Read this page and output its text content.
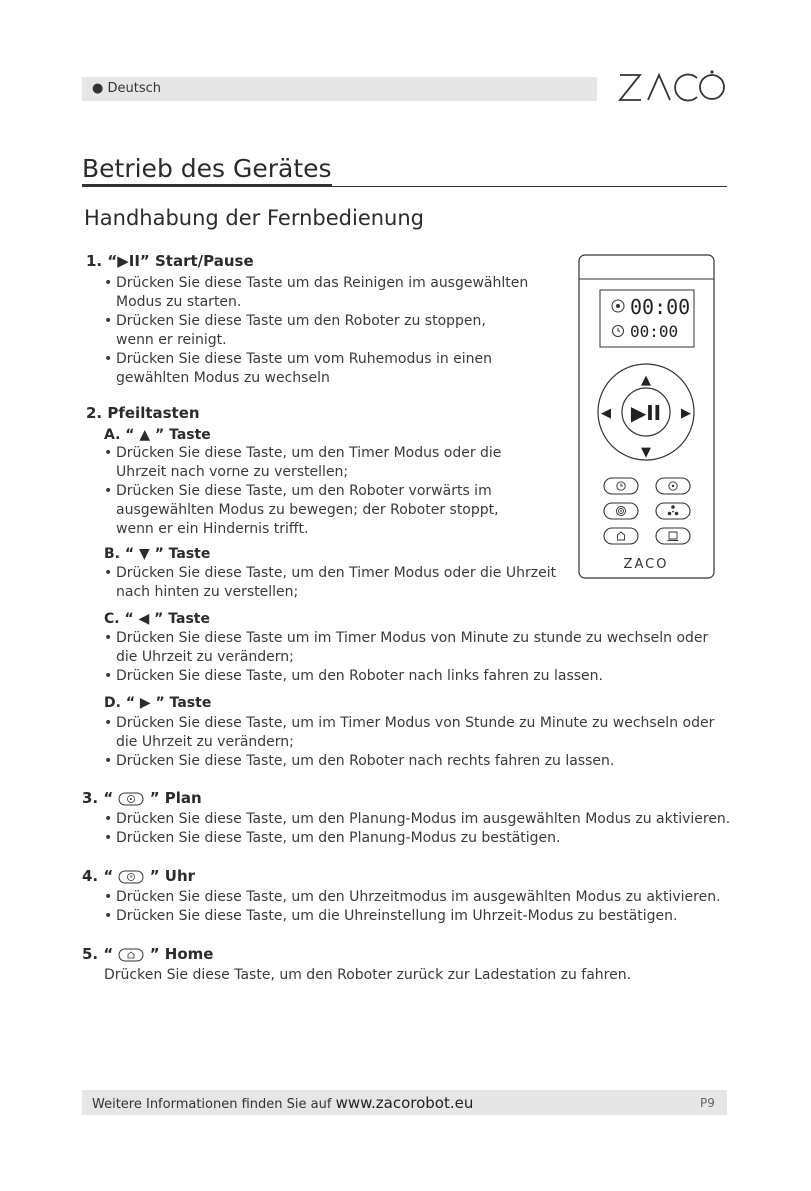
● Deutsch
Betrieb des Gerätes
Handhabung der Fernbedienung
1. “▶II” Start/Pause
• Drücken Sie diese Taste um das Reinigen im ausgewählten
Modus zu starten.
• Drücken Sie diese Taste um den Roboter zu stoppen,
wenn er reinigt.
• Drücken Sie diese Taste um vom Ruhemodus in einen
gewählten Modus zu wechseln
2. Pfeiltasten
A. “ ▲ ” Taste
• Drücken Sie diese Taste, um den Timer Modus oder die
Uhrzeit nach vorne zu verstellen;
• Drücken Sie diese Taste, um den Roboter vorwärts im
ausgewählten Modus zu bewegen; der Roboter stoppt,
wenn er ein Hindernis trifft.
B. “ ▼ ” Taste
• Drücken Sie diese Taste, um den Timer Modus oder die Uhrzeit
nach hinten zu verstellen;
C. “ ◀ ” Taste
• Drücken Sie diese Taste um im Timer Modus von Minute zu stunde zu wechseln oder
die Uhrzeit zu verändern;
• Drücken Sie diese Taste, um den Roboter nach links fahren zu lassen.
D. “ ▶ ” Taste
• Drücken Sie diese Taste, um im Timer Modus von Stunde zu Minute zu wechseln oder
die Uhrzeit zu verändern;
• Drücken Sie diese Taste, um den Roboter nach rechts fahren zu lassen.
3. “ ” Plan
• Drücken Sie diese Taste, um den Planung-Modus im ausgewählten Modus zu aktivieren.
• Drücken Sie diese Taste, um den Planung-Modus zu bestätigen.
4. “ ” Uhr
• Drücken Sie diese Taste, um den Uhrzeitmodus im ausgewählten Modus zu aktivieren.
• Drücken Sie diese Taste, um die Uhreinstellung im Uhrzeit-Modus zu bestätigen.
5. “ ” Home
Drücken Sie diese Taste, um den Roboter zurück zur Ladestation zu fahren.
00:00
00:00
▶II
▲
▼
◀	▶
ZACO
Weitere Informationen finden Sie auf www.zacorobot.eu	P9
